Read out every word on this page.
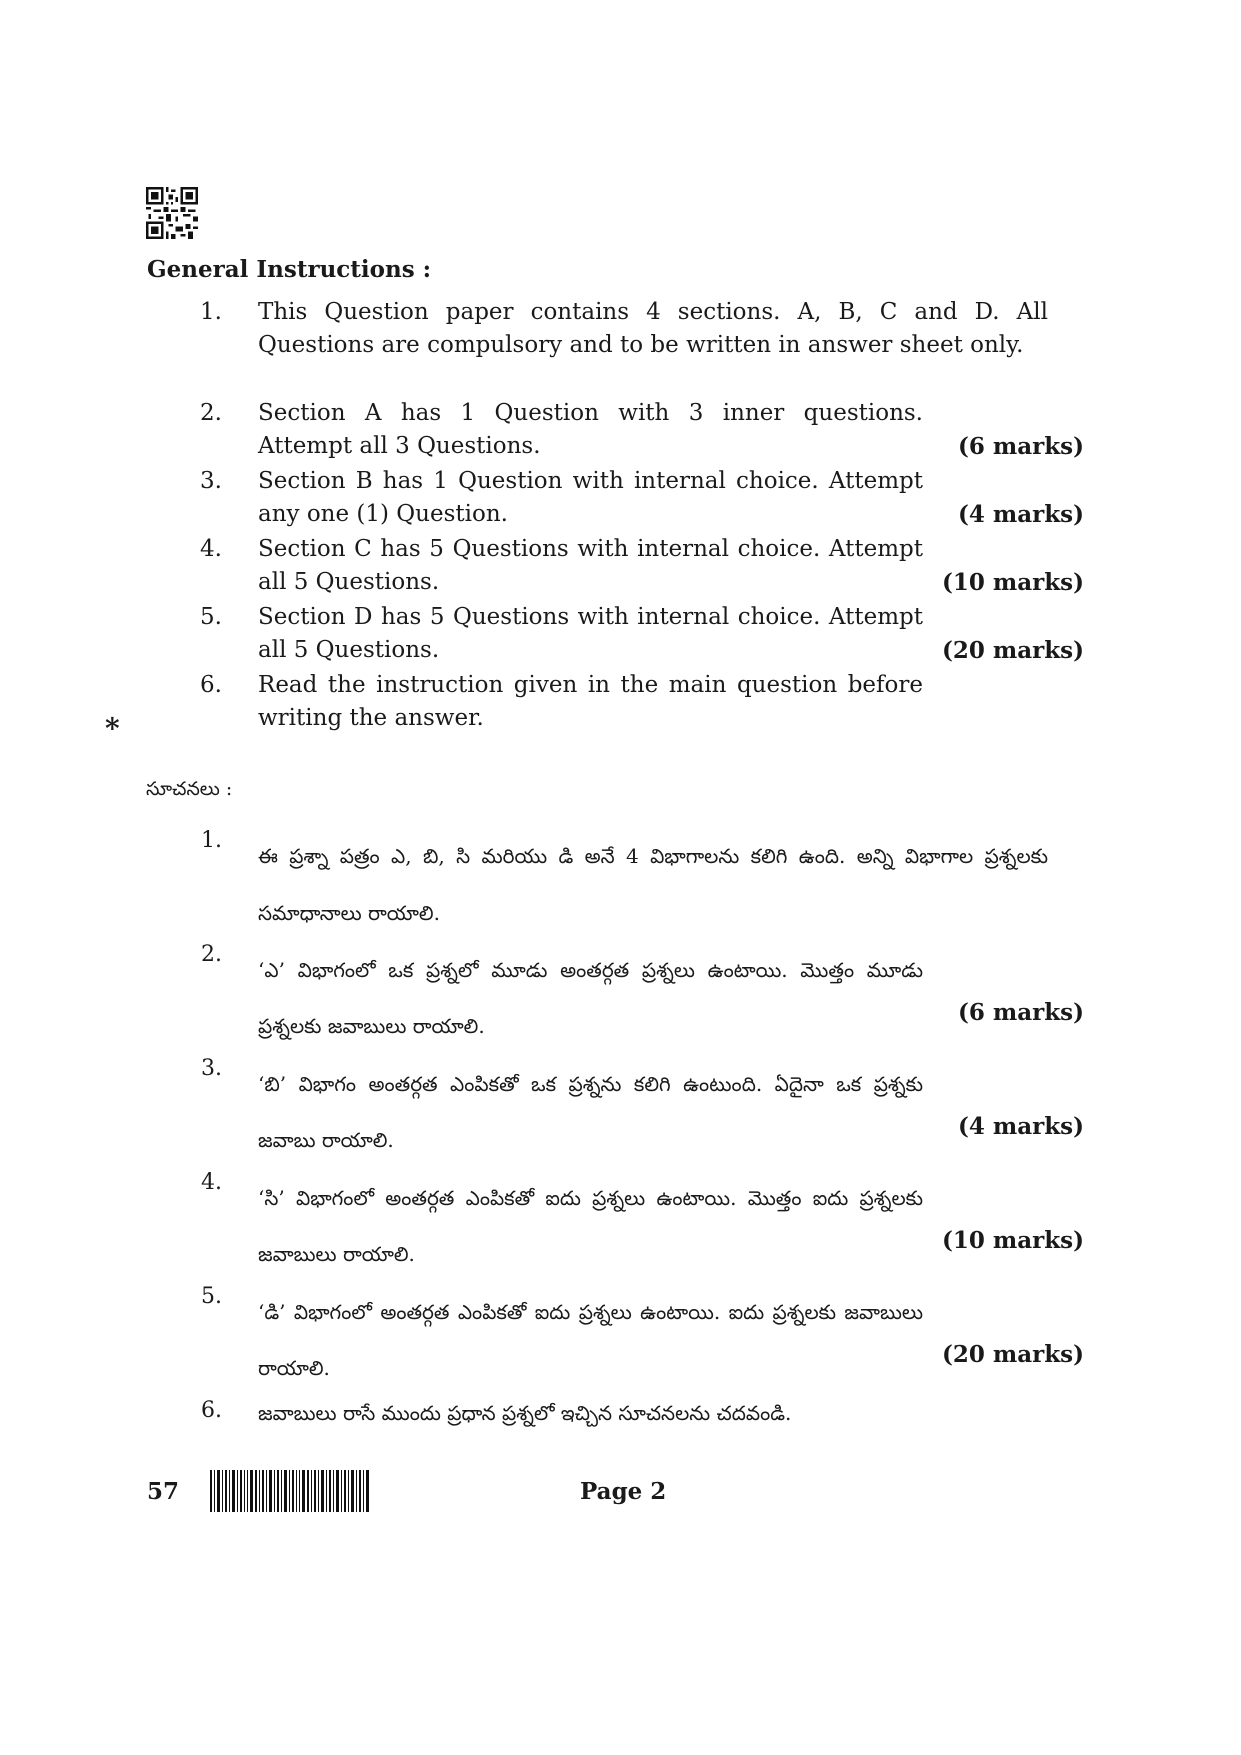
General Instructions :
1. This Question paper contains 4 sections. A, B, C and D. All Questions are compulsory and to be written in answer sheet only.
2. Section A has 1 Question with 3 inner questions. Attempt all 3 Questions.	(6 marks)
3. Section B has 1 Question with internal choice. Attempt any one (1) Question.	(4 marks)
4. Section C has 5 Questions with internal choice. Attempt all 5 Questions.	(10 marks)
5. Section D has 5 Questions with internal choice. Attempt all 5 Questions.	(20 marks)
6. Read the instruction given in the main question before writing the answer.
*
సూచనలు :
1.
ఈ ప్రశ్నా పత్రం ఎ, బి, సి మరియు డి అనే 4 విభాగాలను కలిగి ఉంది. అన్ని విభాగాల ప్రశ్నలకు సమాధానాలు రాయాలి.
2.
‘ఎ’ విభాగంలో ఒక ప్రశ్నలో మూడు అంతర్గత ప్రశ్నలు ఉంటాయి. మొత్తం మూడు ప్రశ్నలకు జవాబులు రాయాలి.	(6 marks)
3.
‘బి’ విభాగం అంతర్గత ఎంపికతో ఒక ప్రశ్నను కలిగి ఉంటుంది. ఏదైనా ఒక ప్రశ్నకు జవాబు రాయాలి.	(4 marks)
4.
‘సి’ విభాగంలో అంతర్గత ఎంపికతో ఐదు ప్రశ్నలు ఉంటాయి. మొత్తం ఐదు ప్రశ్నలకు జవాబులు రాయాలి.	(10 marks)
5.
‘డి’ విభాగంలో అంతర్గత ఎంపికతో ఐదు ప్రశ్నలు ఉంటాయి. ఐదు ప్రశ్నలకు జవాబులు రాయాలి.	(20 marks)
6. జవాబులు రాసే ముందు ప్రధాన ప్రశ్నలో ఇచ్చిన సూచనలను చదవండి.
57	Page 2
